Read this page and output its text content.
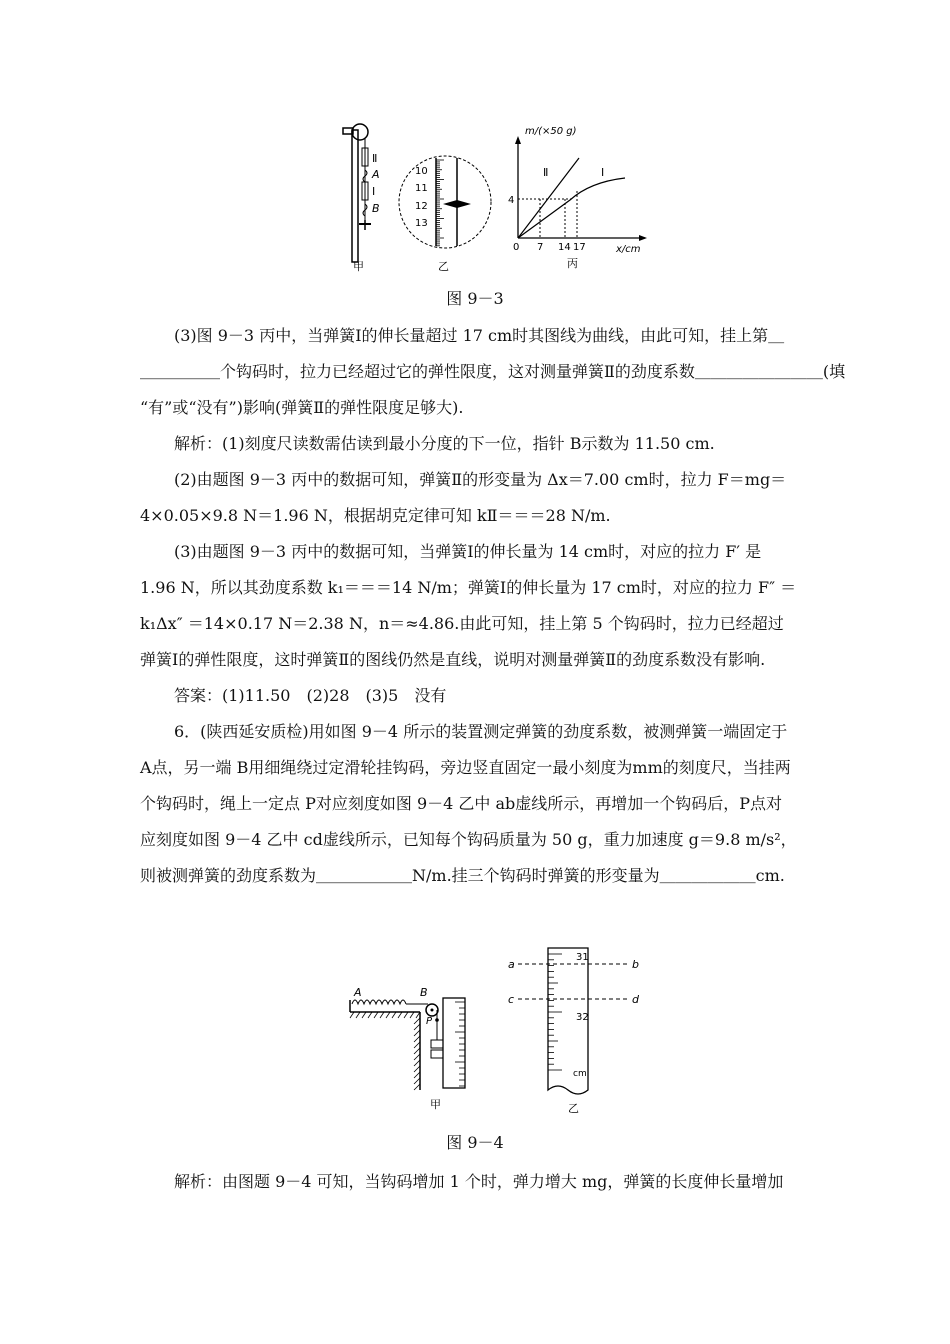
Ⅱ
Ⅰ
A
B
甲
10
11
12
13
乙
m/(×50 g)
x/cm
0
4
7 14 17
Ⅱ	Ⅰ
丙
图 9－3
(3)图 9－3 丙中，当弹簧Ⅰ的伸长量超过 17 cm时其图线为曲线，由此可知，挂上第＿
＿＿＿＿＿个钩码时，拉力已经超过它的弹性限度，这对测量弹簧Ⅱ的劲度系数＿＿＿＿＿＿＿＿(填
“有”或“没有”)影响(弹簧Ⅱ的弹性限度足够大).
解析：(1)刻度尺读数需估读到最小分度的下一位，指针 B示数为 11.50 cm.
(2)由题图 9－3 丙中的数据可知，弹簧Ⅱ的形变量为 Δx＝7.00 cm时，拉力 F＝mg＝
4×0.05×9.8 N＝1.96 N，根据胡克定律可知 kⅡ＝＝＝28 N/m.
(3)由题图 9－3 丙中的数据可知，当弹簧Ⅰ的伸长量为 14 cm时，对应的拉力 F′ 是
1.96 N，所以其劲度系数 k₁＝＝＝14 N/m；弹簧Ⅰ的伸长量为 17 cm时，对应的拉力 F″ ＝
k₁Δx″ ＝14×0.17 N＝2.38 N，n＝≈4.86.由此可知，挂上第 5 个钩码时，拉力已经超过
弹簧Ⅰ的弹性限度，这时弹簧Ⅱ的图线仍然是直线，说明对测量弹簧Ⅱ的劲度系数没有影响.
答案：(1)11.50　(2)28　(3)5　没有
6．(陕西延安质检)用如图 9－4 所示的装置测定弹簧的劲度系数，被测弹簧一端固定于
A点，另一端 B用细绳绕过定滑轮挂钩码，旁边竖直固定一最小刻度为mm的刻度尺，当挂两
个钩码时，绳上一定点 P对应刻度如图 9－4 乙中 ab虚线所示，再增加一个钩码后，P点对
应刻度如图 9－4 乙中 cd虚线所示，已知每个钩码质量为 50 g，重力加速度 g＝9.8 m/s²，
则被测弹簧的劲度系数为＿＿＿＿＿＿N/m.挂三个钩码时弹簧的形变量为＿＿＿＿＿＿cm.
A	B
P
甲
a	b
c	d
31
32
cm
乙
图 9－4
解析：由图题 9－4 可知，当钩码增加 1 个时，弹力增大 mg，弹簧的长度伸长量增加
